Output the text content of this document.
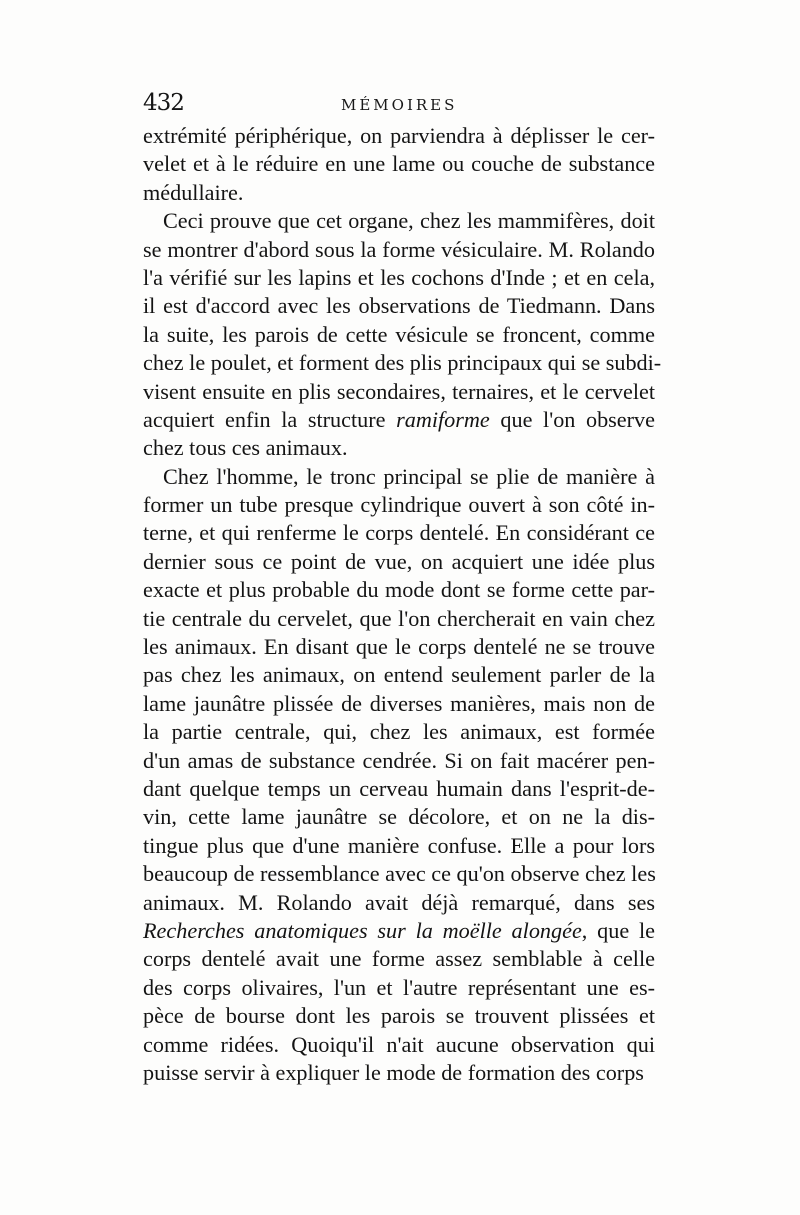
432	MÉMOIRES
extrémité périphérique, on parviendra à déplisser le cer-
velet et à le réduire en une lame ou couche de substance
médullaire.
Ceci prouve que cet organe, chez les mammifères, doit
se montrer d'abord sous la forme vésiculaire. M. Rolando
l'a vérifié sur les lapins et les cochons d'Inde ; et en cela,
il est d'accord avec les observations de Tiedmann. Dans
la suite, les parois de cette vésicule se froncent, comme
chez le poulet, et forment des plis principaux qui se subdi-
visent ensuite en plis secondaires, ternaires, et le cervelet
acquiert enfin la structure ramiforme que l'on observe
chez tous ces animaux.
Chez l'homme, le tronc principal se plie de manière à
former un tube presque cylindrique ouvert à son côté in-
terne, et qui renferme le corps dentelé. En considérant ce
dernier sous ce point de vue, on acquiert une idée plus
exacte et plus probable du mode dont se forme cette par-
tie centrale du cervelet, que l'on chercherait en vain chez
les animaux. En disant que le corps dentelé ne se trouve
pas chez les animaux, on entend seulement parler de la
lame jaunâtre plissée de diverses manières, mais non de
la partie centrale, qui, chez les animaux, est formée
d'un amas de substance cendrée. Si on fait macérer pen-
dant quelque temps un cerveau humain dans l'esprit-de-
vin, cette lame jaunâtre se décolore, et on ne la dis-
tingue plus que d'une manière confuse. Elle a pour lors
beaucoup de ressemblance avec ce qu'on observe chez les
animaux. M. Rolando avait déjà remarqué, dans ses
Recherches anatomiques sur la moëlle alongée, que le
corps dentelé avait une forme assez semblable à celle
des corps olivaires, l'un et l'autre représentant une es-
pèce de bourse dont les parois se trouvent plissées et
comme ridées. Quoiqu'il n'ait aucune observation qui
puisse servir à expliquer le mode de formation des corps
